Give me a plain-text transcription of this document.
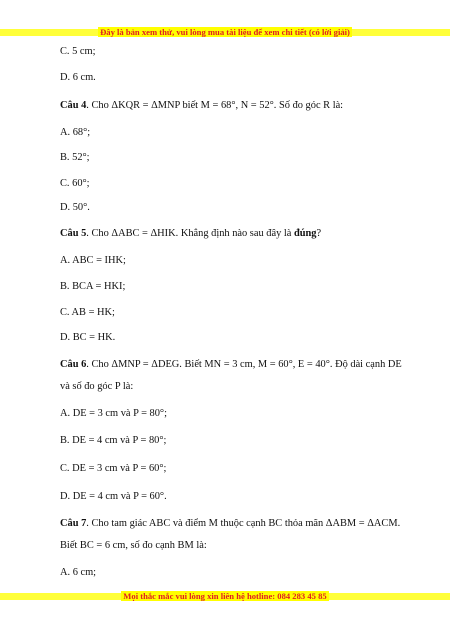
Đây là bản xem thử, vui lòng mua tài liệu để xem chi tiết (có lời giải)
C. 5 cm;
D. 6 cm.
Câu 4. Cho ΔKQR = ΔMNP biết M = 68°, N = 52°. Số đo góc R là:
A. 68°;
B. 52°;
C. 60°;
D. 50°.
Câu 5. Cho ΔABC = ΔHIK. Khẳng định nào sau đây là đúng?
A. ABC = IHK;
B. BCA = HKI;
C. AB = HK;
D. BC = HK.
Câu 6. Cho ΔMNP = ΔDEG. Biết MN = 3 cm, M = 60°, E = 40°. Độ dài cạnh DE
và số đo góc P là:
A. DE = 3 cm và P = 80°;
B. DE = 4 cm và P = 80°;
C. DE = 3 cm và P = 60°;
D. DE = 4 cm và P = 60°.
Câu 7. Cho tam giác ABC và điểm M thuộc cạnh BC thỏa mãn ΔABM = ΔACM.
Biết BC = 6 cm, số đo cạnh BM là:
A. 6 cm;
Mọi thắc mắc vui lòng xin liên hệ hotline: 084 283 45 85
